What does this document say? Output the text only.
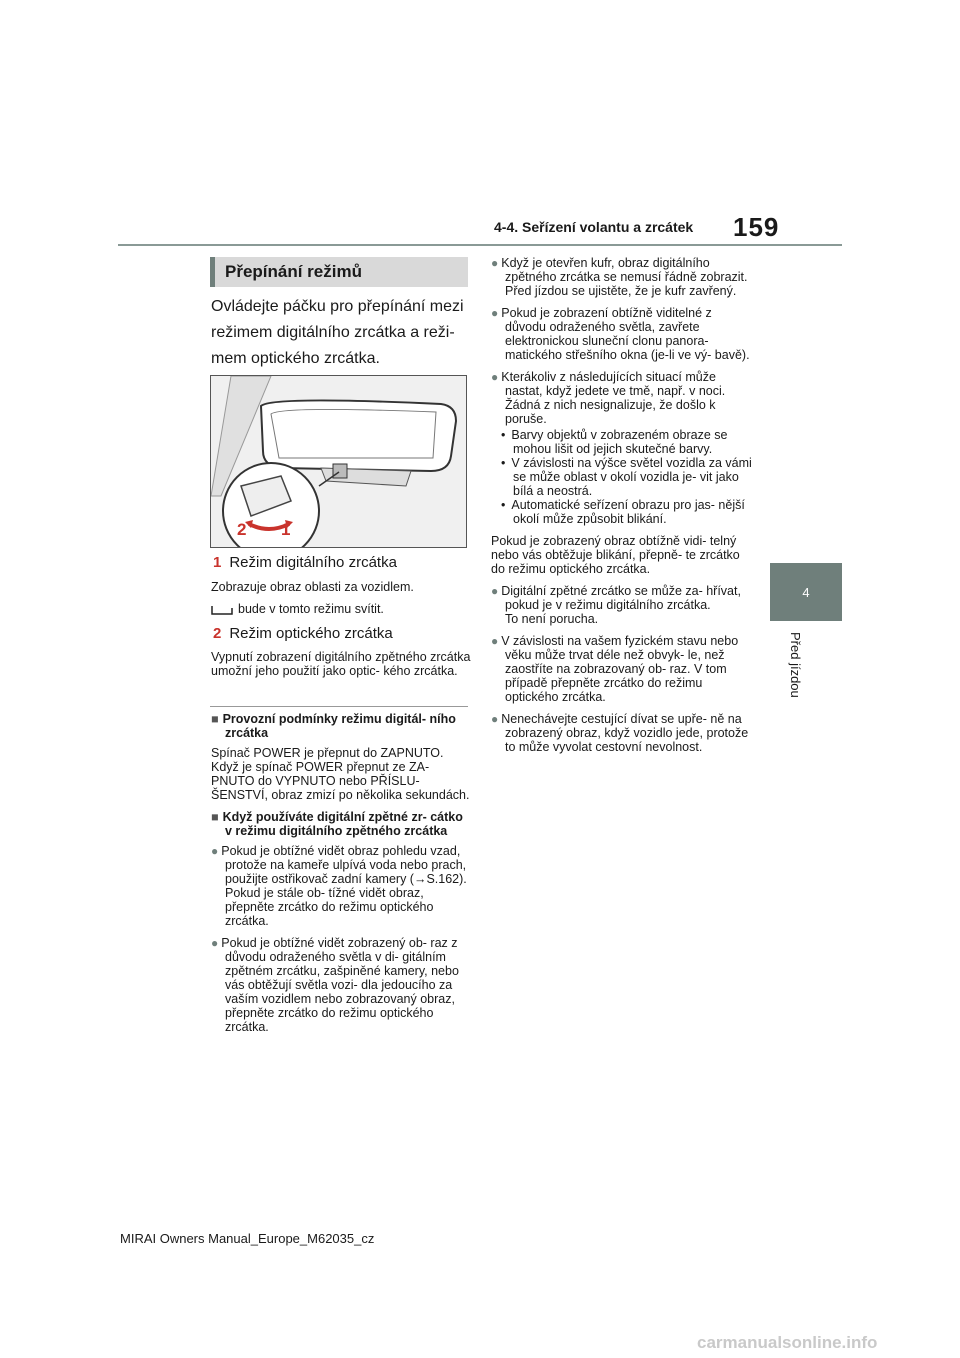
4-4. Seřízení volantu a zrcátek 159
4
Před jízdou
Přepínání režimů
Ovládejte páčku pro přepínání mezi režimem digitálního zrcátka a reži- mem optického zrcátka.
2 1
1 Režim digitálního zrcátka
Zobrazuje obraz oblasti za vozidlem.
bude v tomto režimu svítit.
2 Režim optického zrcátka
Vypnutí zobrazení digitálního zpětného zrcátka umožní jeho použití jako optic- kého zrcátka.
■ Provozní podmínky režimu digitál- ního zrcátka
Spínač POWER je přepnut do ZAPNUTO. Když je spínač POWER přepnut ze ZA- PNUTO do VYPNUTO nebo PŘÍSLU- ŠENSTVÍ, obraz zmizí po několika sekundách.
■ Když používáte digitální zpětné zr- cátko v režimu digitálního zpětného zrcátka
● Pokud je obtížné vidět obraz pohledu vzad, protože na kameře ulpívá voda nebo prach, použijte ostřikovač zadní kamery (→S.162). Pokud je stále ob- tížné vidět obraz, přepněte zrcátko do režimu optického zrcátka.
● Pokud je obtížné vidět zobrazený ob- raz z důvodu odraženého světla v di- gitálním zpětném zrcátku, zašpiněné kamery, nebo vás obtěžují světla vozi- dla jedoucího za vaším vozidlem nebo zobrazovaný obraz, přepněte zrcátko do režimu optického zrcátka.
● Když je otevřen kufr, obraz digitálního zpětného zrcátka se nemusí řádně zobrazit. Před jízdou se ujistěte, že je kufr zavřený.
● Pokud je zobrazení obtížně viditelné z důvodu odraženého světla, zavřete elektronickou sluneční clonu panora- matického střešního okna (je-li ve vý- bavě).
● Kterákoliv z následujících situací může nastat, když jedete ve tmě, např. v noci. Žádná z nich nesignalizuje, že došlo k poruše.
• Barvy objektů v zobrazeném obraze se mohou lišit od jejich skutečné barvy.
• V závislosti na výšce světel vozidla za vámi se může oblast v okolí vozidla je- vit jako bílá a neostrá.
• Automatické seřízení obrazu pro jas- nější okolí může způsobit blikání.
Pokud je zobrazený obraz obtížně vidi- telný nebo vás obtěžuje blikání, přepně- te zrcátko do režimu optického zrcátka.
● Digitální zpětné zrcátko se může za- hřívat, pokud je v režimu digitálního zrcátka.
To není porucha.
● V závislosti na vašem fyzickém stavu nebo věku může trvat déle než obvyk- le, než zaostříte na zobrazovaný ob- raz. V tom případě přepněte zrcátko do režimu optického zrcátka.
● Nenechávejte cestující dívat se upře- ně na zobrazený obraz, když vozidlo jede, protože to může vyvolat cestovní nevolnost.
MIRAI Owners Manual_Europe_M62035_cz
carmanualsonline.info
